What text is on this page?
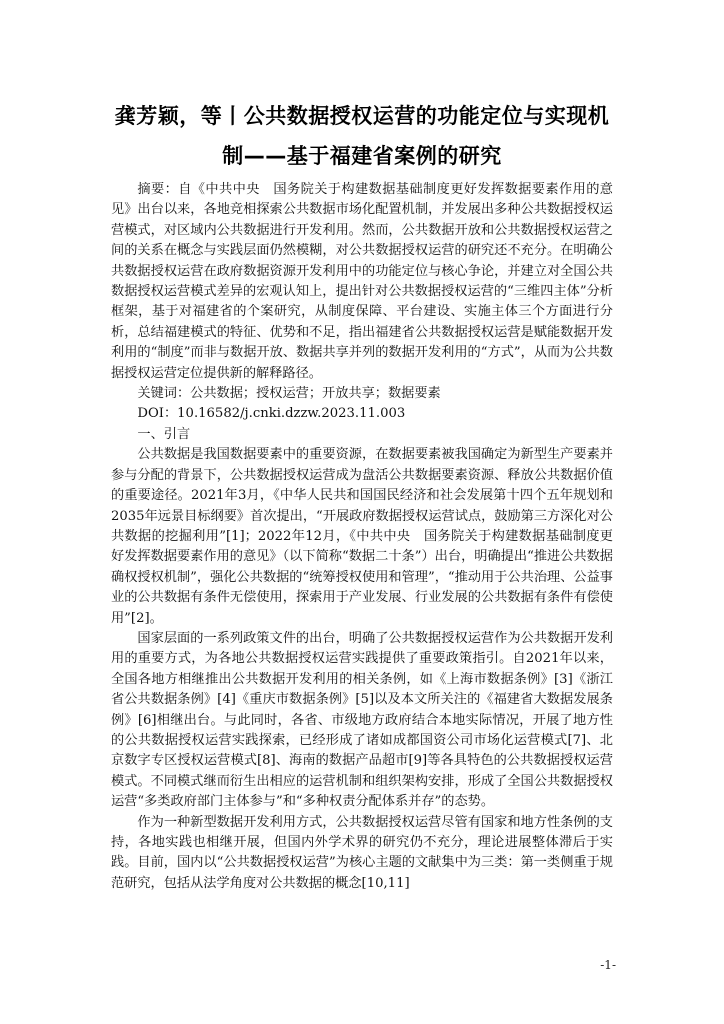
龚芳颖，等丨公共数据授权运营的功能定位与实现机
制——基于福建省案例的研究

摘要：自《中共中央　国务院关于构建数据基础制度更好发挥数据要素作用的意见》出台以来，各地竞相探索公共数据市场化配置机制，并发展出多种公共数据授权运营模式，对区域内公共数据进行开发利用。然而，公共数据开放和公共数据授权运营之间的关系在概念与实践层面仍然模糊，对公共数据授权运营的研究还不充分。在明确公共数据授权运营在政府数据资源开发利用中的功能定位与核心争论，并建立对全国公共数据授权运营模式差异的宏观认知上，提出针对公共数据授权运营的“三维四主体”分析框架，基于对福建省的个案研究，从制度保障、平台建设、实施主体三个方面进行分析，总结福建模式的特征、优势和不足，指出福建省公共数据授权运营是赋能数据开发利用的“制度”而非与数据开放、数据共享并列的数据开发利用的“方式”，从而为公共数据授权运营定位提供新的解释路径。

关键词：公共数据；授权运营；开放共享；数据要素

DOI：10.16582/j.cnki.dzzw.2023.11.003

一、引言

公共数据是我国数据要素中的重要资源，在数据要素被我国确定为新型生产要素并参与分配的背景下，公共数据授权运营成为盘活公共数据要素资源、释放公共数据价值的重要途径。2021年3月，《中华人民共和国国民经济和社会发展第十四个五年规划和2035年远景目标纲要》首次提出，“开展政府数据授权运营试点，鼓励第三方深化对公共数据的挖掘利用”[1]；2022年12月，《中共中央　国务院关于构建数据基础制度更好发挥数据要素作用的意见》（以下简称“数据二十条”）出台，明确提出“推进公共数据确权授权机制”，强化公共数据的“统筹授权使用和管理”，“推动用于公共治理、公益事业的公共数据有条件无偿使用，探索用于产业发展、行业发展的公共数据有条件有偿使用”[2]。

国家层面的一系列政策文件的出台，明确了公共数据授权运营作为公共数据开发利用的重要方式，为各地公共数据授权运营实践提供了重要政策指引。自2021年以来，全国各地方相继推出公共数据开发利用的相关条例，如《上海市数据条例》[3]《浙江省公共数据条例》[4]《重庆市数据条例》[5]以及本文所关注的《福建省大数据发展条例》[6]相继出台。与此同时，各省、市级地方政府结合本地实际情况，开展了地方性的公共数据授权运营实践探索，已经形成了诸如成都国资公司市场化运营模式[7]、北京数字专区授权运营模式[8]、海南的数据产品超市[9]等各具特色的公共数据授权运营模式。不同模式继而衍生出相应的运营机制和组织架构安排，形成了全国公共数据授权运营“多类政府部门主体参与”和“多种权责分配体系并存”的态势。

作为一种新型数据开发利用方式，公共数据授权运营尽管有国家和地方性条例的支持，各地实践也相继开展，但国内外学术界的研究仍不充分，理论进展整体滞后于实践。目前，国内以“公共数据授权运营”为核心主题的文献集中为三类：第一类侧重于规范研究，包括从法学角度对公共数据的概念[10,11]

-1-
